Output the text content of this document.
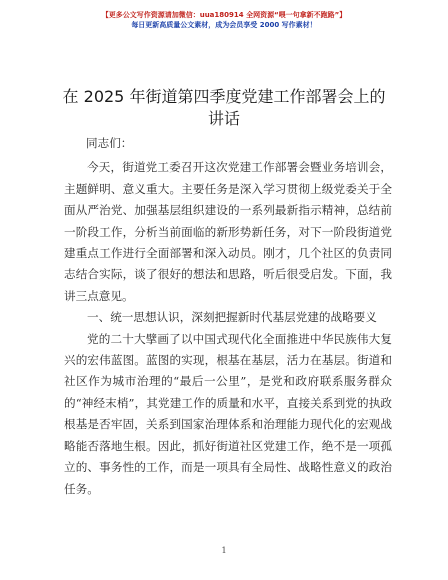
【更多公文写作资源请加微信：uua180914 全网资源“喂一句拿新不跑路”】
每日更新高质量公文素材，成为会员享受 2000 写作素材！
在 2025 年街道第四季度党建工作部署会上的讲话

同志们：

今天，街道党工委召开这次党建工作部署会暨业务培训会，主题鲜明、意义重大。主要任务是深入学习贯彻上级党委关于全面从严治党、加强基层组织建设的一系列最新指示精神，总结前一阶段工作，分析当前面临的新形势新任务，对下一阶段街道党建重点工作进行全面部署和深入动员。刚才，几个社区的负责同志结合实际，谈了很好的想法和思路，听后很受启发。下面，我讲三点意见。

一、统一思想认识，深刻把握新时代基层党建的战略要义

党的二十大擘画了以中国式现代化全面推进中华民族伟大复兴的宏伟蓝图。蓝图的实现，根基在基层，活力在基层。街道和社区作为城市治理的“最后一公里”，是党和政府联系服务群众的“神经末梢”，其党建工作的质量和水平，直接关系到党的执政根基是否牢固，关系到国家治理体系和治理能力现代化的宏观战略能否落地生根。因此，抓好街道社区党建工作，绝不是一项孤立的、事务性的工作，而是一项具有全局性、战略性意义的政治任务。

1
